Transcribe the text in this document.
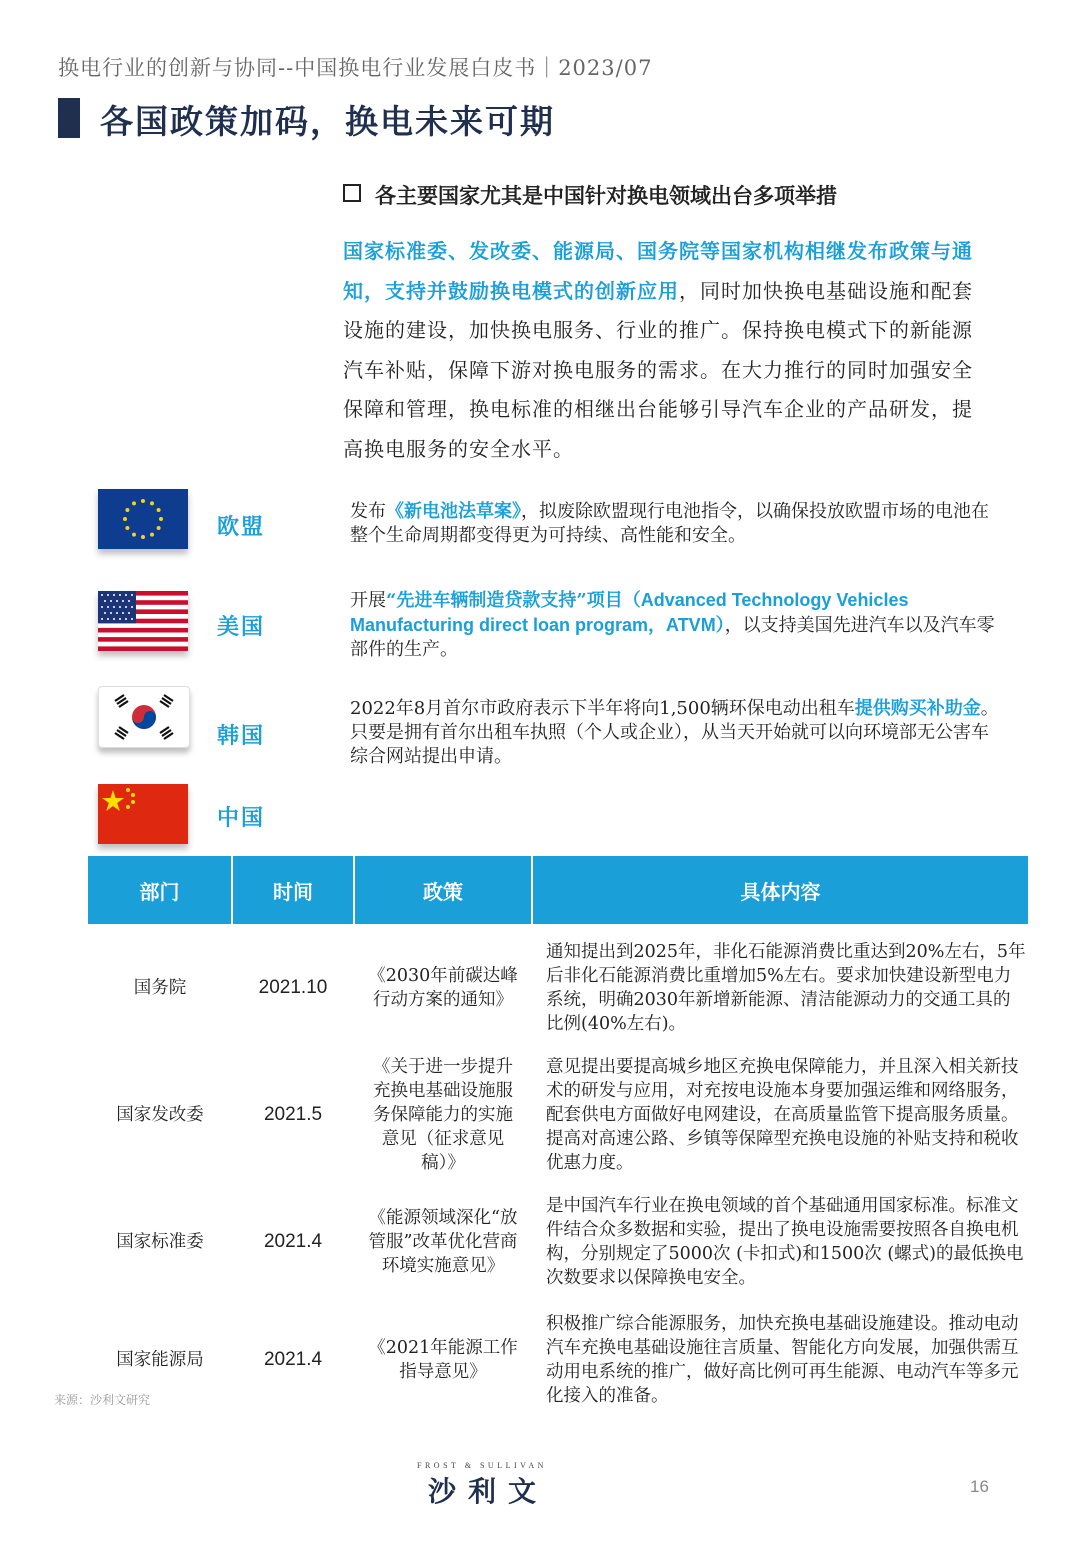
换电行业的创新与协同--中国换电行业发展白皮书｜2023/07
各国政策加码，换电未来可期
各主要国家尤其是中国针对换电领域出台多项举措
国家标准委、发改委、能源局、国务院等国家机构相继发布政策与通知，支持并鼓励换电模式的创新应用，同时加快换电基础设施和配套设施的建设，加快换电服务、行业的推广。保持换电模式下的新能源汽车补贴，保障下游对换电服务的需求。在大力推行的同时加强安全保障和管理，换电标准的相继出台能够引导汽车企业的产品研发，提高换电服务的安全水平。
欧盟
发布《新电池法草案》，拟废除欧盟现行电池指令，以确保投放欧盟市场的电池在整个生命周期都变得更为可持续、高性能和安全。
美国
开展“先进车辆制造贷款支持”项目（Advanced Technology Vehicles Manufacturing direct loan program，ATVM），以支持美国先进汽车以及汽车零部件的生产。
韩国
2022年8月首尔市政府表示下半年将向1,500辆环保电动出租车提供购买补助金。只要是拥有首尔出租车执照（个人或企业），从当天开始就可以向环境部无公害车综合网站提出申请。
中国
部门	时间	政策	具体内容
国务院	2021.10	《2030年前碳达峰行动方案的通知》	通知提出到2025年，非化石能源消费比重达到20%左右，5年后非化石能源消费比重增加5%左右。要求加快建设新型电力系统，明确2030年新增新能源、清洁能源动力的交通工具的比例(40%左右)。
国家发改委	2021.5	《关于进一步提升充换电基础设施服务保障能力的实施意见（征求意见稿）》	意见提出要提高城乡地区充换电保障能力，并且深入相关新技术的研发与应用，对充按电设施本身要加强运维和网络服务，配套供电方面做好电网建设，在高质量监管下提高服务质量。提高对高速公路、乡镇等保障型充换电设施的补贴支持和税收优惠力度。
国家标准委	2021.4	《能源领域深化“放管服”改革优化营商环境实施意见》	是中国汽车行业在换电领域的首个基础通用国家标准。标准文件结合众多数据和实验，提出了换电设施需要按照各自换电机构，分别规定了5000次 (卡扣式)和1500次 (螺式)的最低换电次数要求以保障换电安全。
国家能源局	2021.4	《2021年能源工作指导意见》	积极推广综合能源服务，加快充换电基础设施建设。推动电动汽车充换电基础设施往言质量、智能化方向发展，加强供需互动用电系统的推广，做好高比例可再生能源、电动汽车等多元化接入的准备。
来源：沙利文研究
FROST & SULLIVAN
沙利文	16
